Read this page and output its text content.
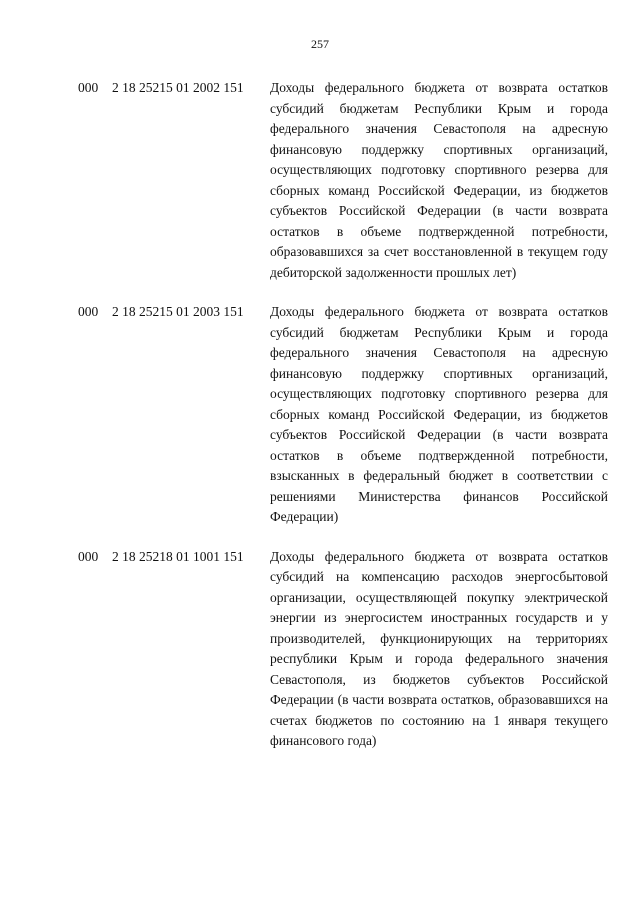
257
000	2 18 25215 01 2002 151	Доходы федерального бюджета от возврата остатков субсидий бюджетам Республики Крым и города федерального значения Севастополя на адресную финансовую поддержку спортивных организаций, осуществляющих подготовку спортивного резерва для сборных команд Российской Федерации, из бюджетов субъектов Российской Федерации (в части возврата остатков в объеме подтвержденной потребности, образовавшихся за счет восстановленной в текущем году дебиторской задолженности прошлых лет)
000	2 18 25215 01 2003 151	Доходы федерального бюджета от возврата остатков субсидий бюджетам Республики Крым и города федерального значения Севастополя на адресную финансовую поддержку спортивных организаций, осуществляющих подготовку спортивного резерва для сборных команд Российской Федерации, из бюджетов субъектов Российской Федерации (в части возврата остатков в объеме подтвержденной потребности, взысканных в федеральный бюджет в соответствии с решениями Министерства финансов Российской Федерации)
000	2 18 25218 01 1001 151	Доходы федерального бюджета от возврата остатков субсидий на компенсацию расходов энергосбытовой организации, осуществляющей покупку электрической энергии из энергосистем иностранных государств и у производителей, функционирующих на территориях республики Крым и города федерального значения Севастополя, из бюджетов субъектов Российской Федерации (в части возврата остатков, образовавшихся на счетах бюджетов по состоянию на 1 января текущего финансового года)
